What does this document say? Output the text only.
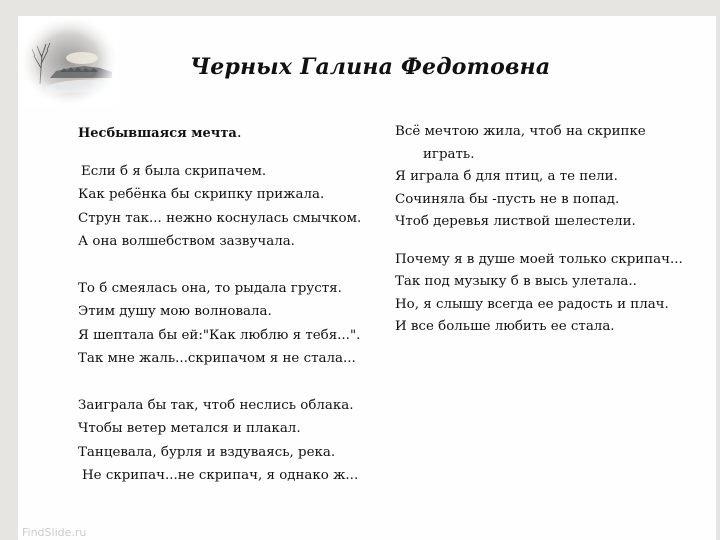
Черных Галина Федотовна
Несбывшаяся мечта.
Если б я была скрипачем.
Как ребёнка бы скрипку прижала.
Струн так... нежно коснулась смычком.
А она волшебством зазвучала.
То б смеялась она, то рыдала грустя.
Этим душу мою волновала.
Я шептала бы ей:"Как люблю я тебя...".
Так мне жаль...скрипачом я не стала...
Заиграла бы так, чтоб неслись облака.
Чтобы ветер метался и плакал.
Танцевала, бурля и вздуваясь, река.
Не скрипач...не скрипач, я однако ж...
Всё мечтою жила, чтоб на скрипке
играть.
Я играла б для птиц, а те пели.
Сочиняла бы -пусть не в попад.
Чтоб деревья листвой шелестели.
Почему я в душе моей только скрипач...
Так под музыку б в высь улетала..
Но, я слышу всегда ее радость и плач.
И все больше любить ее стала.
FindSlide.ru
